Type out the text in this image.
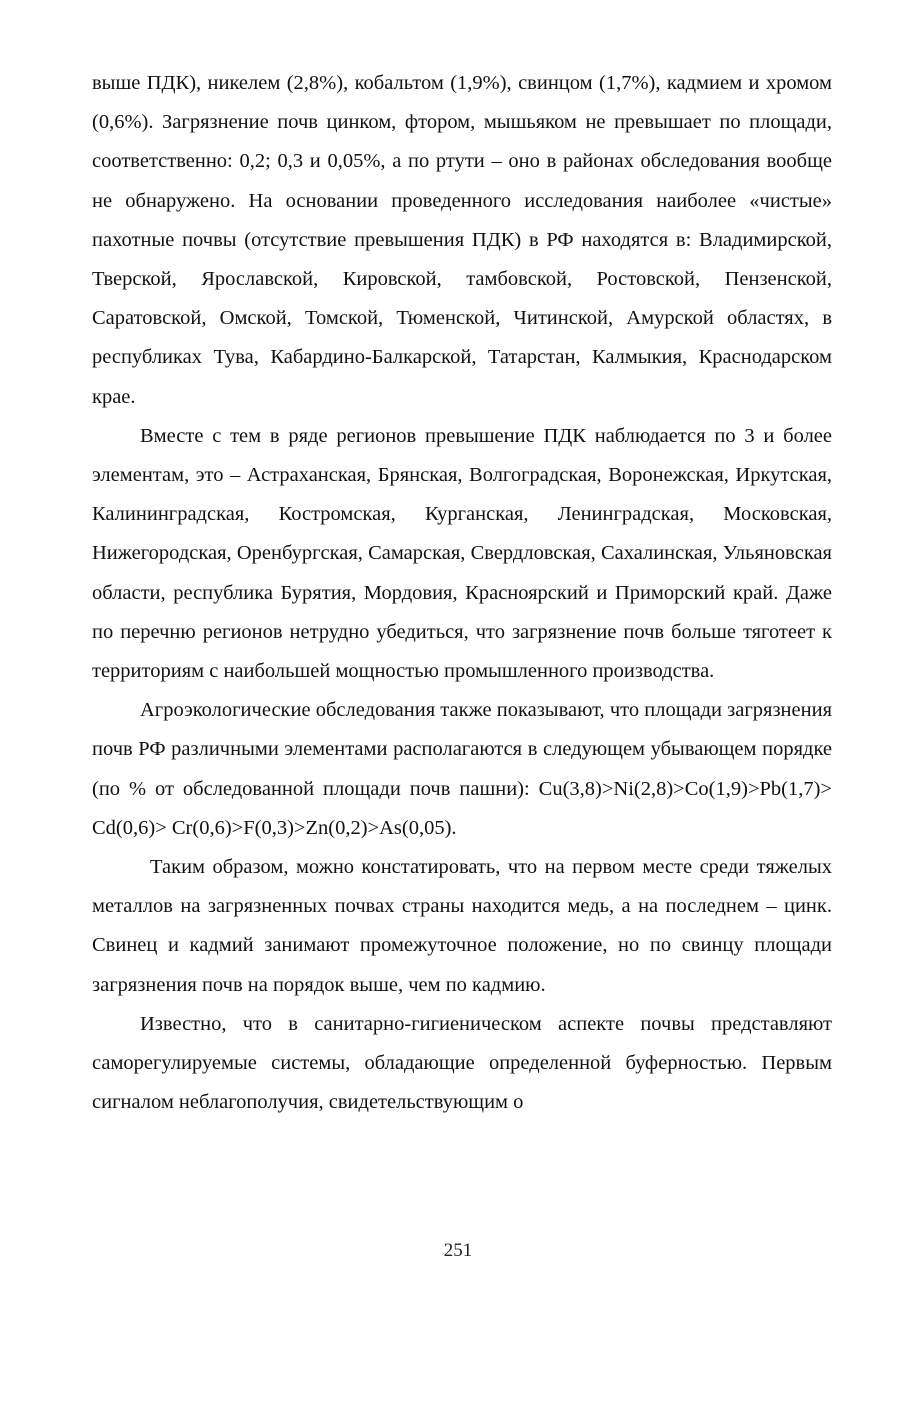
выше ПДК), никелем (2,8%), кобальтом (1,9%), свинцом (1,7%), кадмием и хромом (0,6%). Загрязнение почв цинком, фтором, мышьяком не превышает по площади, соответственно: 0,2; 0,3 и 0,05%, а по ртути – оно в районах обследования вообще не обнаружено. На основании проведенного исследования наиболее «чистые» пахотные почвы (отсутствие превышения ПДК) в РФ находятся в: Владимирской, Тверской, Ярославской, Кировской, тамбовской, Ростовской, Пензенской, Саратовской, Омской, Томской, Тюменской, Читинской, Амурской областях, в республиках Тува, Кабардино-Балкарской, Татарстан, Калмыкия, Краснодарском крае.

Вместе с тем в ряде регионов превышение ПДК наблюдается по 3 и более элементам, это – Астраханская, Брянская, Волгоградская, Воронежская, Иркутская, Калининградская, Костромская, Курганская, Ленинградская, Московская, Нижегородская, Оренбургская, Самарская, Свердловская, Сахалинская, Ульяновская области, республика Бурятия, Мордовия, Красноярский и Приморский край. Даже по перечню регионов нетрудно убедиться, что загрязнение почв больше тяготеет к территориям с наибольшей мощностью промышленного производства.

Агроэкологические обследования также показывают, что площади загрязнения почв РФ различными элементами располагаются в следующем убывающем порядке (по % от обследованной площади почв пашни): Cu(3,8)>Ni(2,8)>Co(1,9)>Pb(1,7)> Cd(0,6)> Cr(0,6)>F(0,3)>Zn(0,2)>As(0,05).

Таким образом, можно констатировать, что на первом месте среди тяжелых металлов на загрязненных почвах страны находится медь, а на последнем – цинк. Свинец и кадмий занимают промежуточное положение, но по свинцу площади загрязнения почв на порядок выше, чем по кадмию.

Известно, что в санитарно-гигиеническом аспекте почвы представляют саморегулируемые системы, обладающие определенной буферностью. Первым сигналом неблагополучия, свидетельствующим о

251
